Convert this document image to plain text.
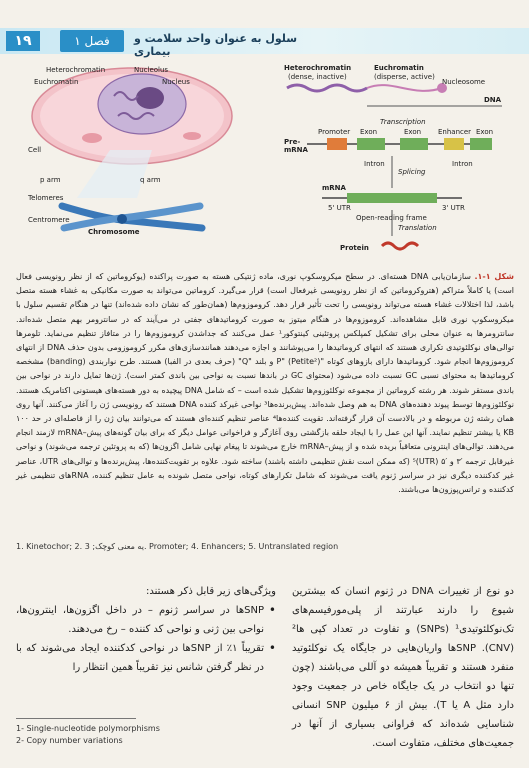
۱۹	فصل ۱	سلول به عنوان واحد سلامت و بیماری
Heterochromatin
Euchromatin
Nucleolus
Nucleus
Cell
p arm	q arm
Telomeres
Centromere
Chromosome
Heterochromatin
(dense, inactive)
Euchromatin
(disperse, active)
Nucleosome
DNA
Transcription
Pre-
mRNA
Promoter Exon	Exon Enhancer Exon
Intron
Splicing
Intron
mRNA
5' UTR	3' UTR
Open-reading frame
Translation
Protein
شکل ۱-۱. سازمان‌یابی DNA هسته‌ای. در سطح میکروسکوپ نوری، ماده ژنتیکی هسته به صورت پراکنده (یوکروماتین که از نظر رونویسی فعال است) یا کاملاً متراکم (هتروکروماتین که از نظر رونویسی غیرفعال است) قرار می‌گیرد. کروماتین می‌تواند به صورت مکانیکی به غشاء هسته متصل باشد، لذا اختلالات غشاء هسته می‌تواند رونویسی را تحت تأثیر قرار دهد. کروموزوم‌ها (همان‌طور که نشان داده شده‌اند) تنها در هنگام تقسیم سلول با میکروسکوپ نوری قابل مشاهده‌اند. کروموزوم‌ها در هنگام میتوز به صورت کروماتیدهای جفتی در می‌آیند که در سانترومر بهم متصل شده‌اند. سانترومرها به عنوان محلی برای تشکیل کمپلکس پروتئینی کینتوکور¹ عمل می‌کنند که جداشدن کروموزوم‌ها را در متافاز تنظیم می‌نماید. تلومرها توالی‌های نوکلئوتیدی تکراری هستند که انتهای کروماتیدها را می‌پوشانند و اجازه می‌دهند همانندسازی‌های مکرر کروموزومی بدون حذف DNA از انتهای کروموزوم‌ها انجام شود. کروماتیدها دارای بازوهای کوتاه "P" (Petite²) و بلند "Q" (حرف بعدی در الفبا) هستند. طرح نواربندی (banding) مشخصه کروماتیدها به محتوای نسبی GC نسبت داده می‌شود (محتوای GC در باندها نسبت به نواحی بین باندی کمتر است). ژن‌ها تمایل دارند در نواحی بین باندی مستقر شوند. هر رشته کروماتین از مجموعه نوکلئوزوم‌ها تشکیل شده است – که شامل DNA پیچیده به دور هسته‌های هیستونی اکتامریک هستند. نوکلئوزوم‌ها توسط پیوند دهنده‌های DNA به هم وصل شده‌اند. پیش‌برنده‌ها³ نواحی غیرکد کننده DNA هستند که رونویسی ژن را آغاز می‌کنند. آنها روی همان رشته ژن مربوطه و در بالادست آن قرار گرفته‌اند. تقویت کننده‌ها⁴ عناصر تنظیم کننده‌ای هستند که می‌توانند بیان ژن را از فاصله‌ای در حد ۱۰۰ KB یا بیشتر تنظیم نمایند. آنها این عمل را با ایجاد حلقه بازگشتی روی آغازگر و فراخوانی عوامل دیگر که برای بیان گونه‌های پیش–mRNA لازمند انجام می‌دهند. توالی‌های اینترونی متعاقباً بریده شده و از پیش–mRNA خارج می‌شوند تا پیغام نهایی شامل اگزون‌ها (که به پروتئین ترجمه می‌شوند) و نواحی غیرقابل ترجمه ′۳ و ′۵ (UTR)⁵ (که ممکن است نقش تنظیمی داشته باشند) ساخته شود. علاوه بر تقویت‌کننده‌ها، پیش‌برنده‌ها و توالی‌های UTR، عناصر غیر کدکننده دیگری نیز در سراسر ژنوم یافت می‌شوند که شامل تکرارهای کوتاه، نواحی متصل شونده به عامل تنظیم کننده، RNAهای تنظیمی غیر کدکننده و ترانس‌پوزون‌ها می‌باشند.
1. Kinetochor; 2. یه معنی کوچک; 3. Promoter; 4. Enhancers; 5. Untranslated region

دو نوع از تغییرات DNA در ژنوم انسان که بیشترین شیوع را دارند عبارتند از پلی‌مورفیسم‌های تک‌نوکلئوتیدی¹ (SNPs) و تفاوت در تعداد کپی ها² (CNV). SNPها واریان‌هایی در جایگاه یک نوکلئوتید منفرد هستند و تقریباً همیشه دو آللی می‌باشند (چون تنها دو انتخاب در یک جایگاه خاص در جمعیت وجود دارد مثل A یا T). بیش از ۶ میلیون SNP انسانی شناسایی شده‌اند که فراوانی بسیاری از آنها در جمعیت‌های مختلف، متفاوت است.

ویژگی‌های زیر قابل ذکر هستند:

• SNPها در سراسر ژنوم – در داخل اگزون‌ها، اینترون‌ها، نواحی بین ژنی و نواحی کد کننده – رخ می‌دهند.

• تقریباً ۱٪ از SNPها در نواحی کدکننده ایجاد می‌شوند که با در نظر گرفتن شانس نیز تقریباً همین انتظار را

1- Single-nucleotide polymorphisms
2- Copy number variations
